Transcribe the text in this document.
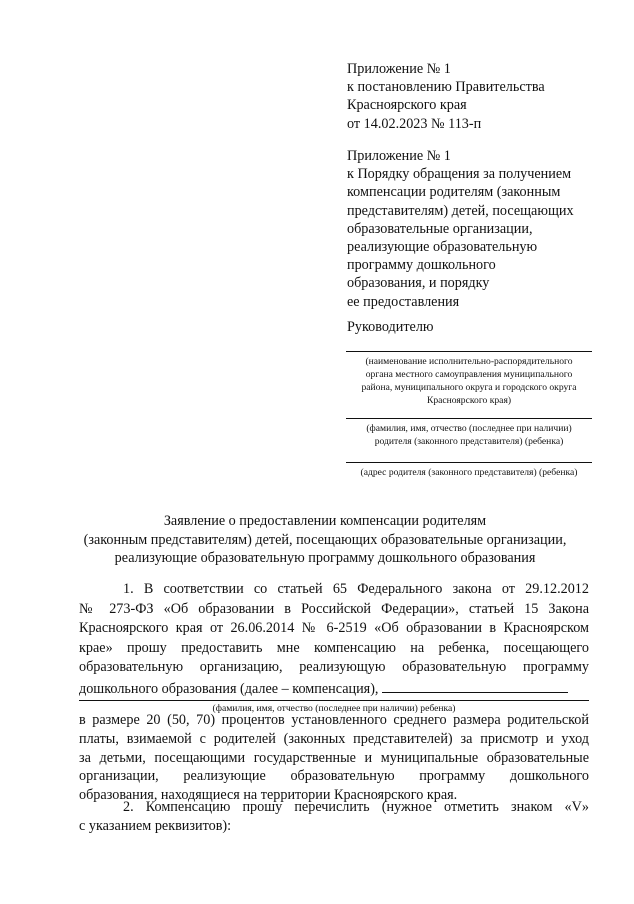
Приложение № 1
к постановлению Правительства
Красноярского края
от 14.02.2023 № 113-п
Приложение № 1
к Порядку обращения за получением
компенсации родителям (законным
представителям) детей, посещающих
образовательные организации,
реализующие образовательную
программу дошкольного
образования, и порядку
ее предоставления
Руководителю
(наименование исполнительно-распорядительного
органа местного самоуправления муниципального
района, муниципального округа и городского округа
Красноярского края)
(фамилия, имя, отчество (последнее при наличии)
родителя (законного представителя) (ребенка)
(адрес родителя (законного представителя) (ребенка)
Заявление о предоставлении компенсации родителям
(законным представителям) детей, посещающих образовательные организации,
реализующие образовательную программу дошкольного образования
1. В соответствии со статьей 65 Федерального закона от 29.12.2012
№ 273-ФЗ «Об образовании в Российской Федерации», статьей 15 Закона
Красноярского края от 26.06.2014 № 6-2519 «Об образовании в Красноярском
крае» прошу предоставить мне компенсацию на ребенка, посещающего
образовательную организацию, реализующую образовательную программу
дошкольного образования (далее – компенсация),
(фамилия, имя, отчество (последнее при наличии) ребенка)
в размере 20 (50, 70) процентов установленного среднего размера родительской
платы, взимаемой с родителей (законных представителей) за присмотр и уход
за детьми, посещающими государственные и муниципальные образовательные
организации, реализующие образовательную программу дошкольного
образования, находящиеся на территории Красноярского края.
2. Компенсацию прошу перечислить (нужное отметить знаком «V»
с указанием реквизитов):
